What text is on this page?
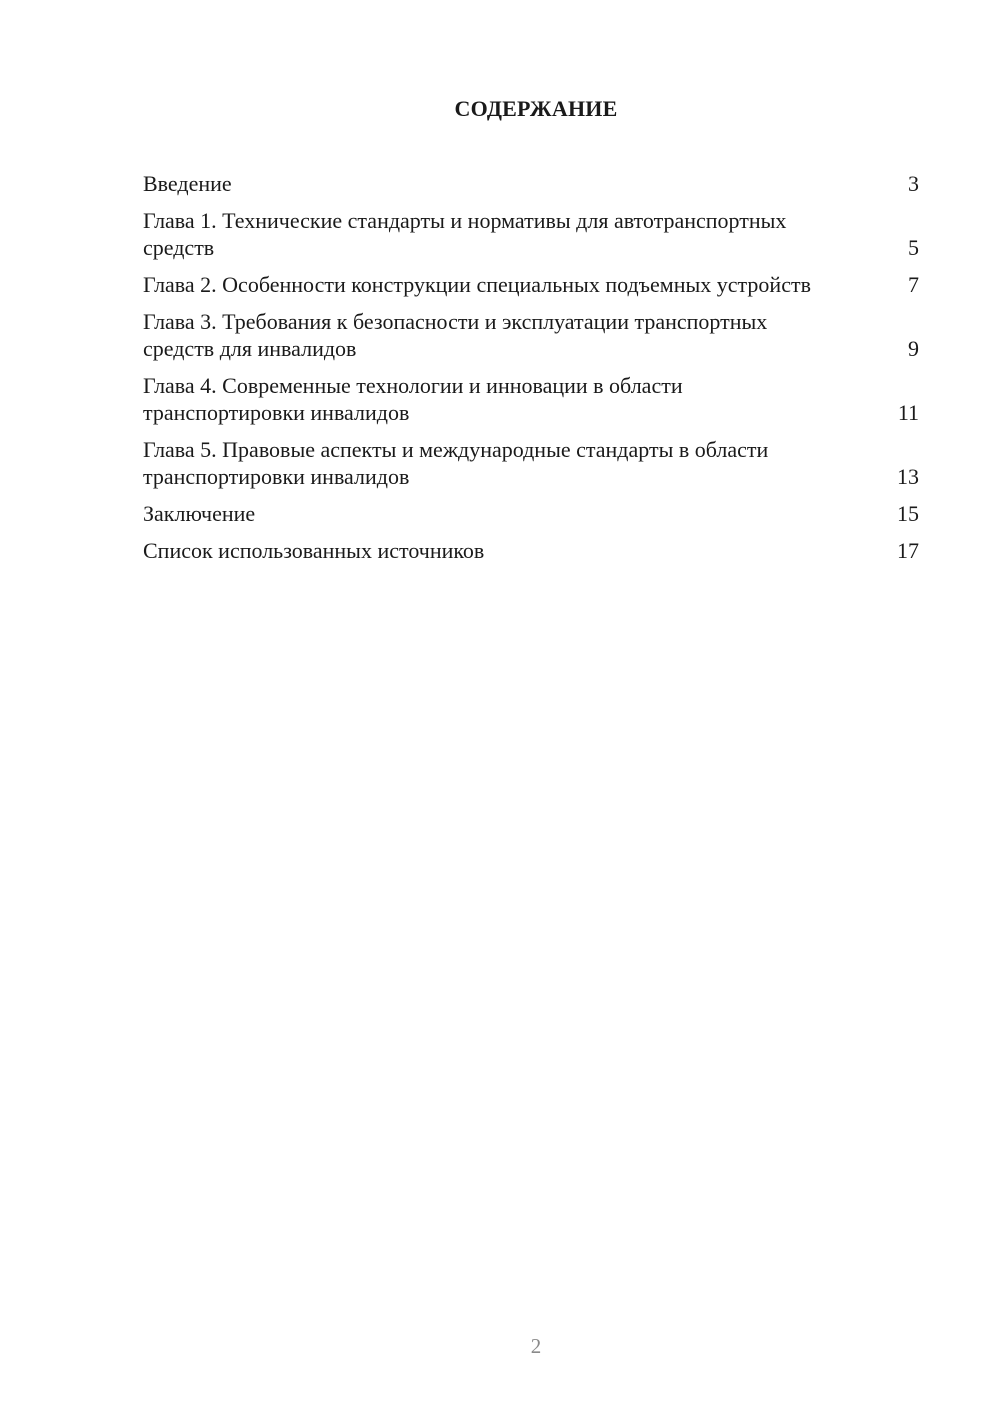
СОДЕРЖАНИЕ
Введение	3
Глава 1. Технические стандарты и нормативы для автотранспортных средств	5
Глава 2. Особенности конструкции специальных подъемных устройств	7
Глава 3. Требования к безопасности и эксплуатации транспортных средств для инвалидов	9
Глава 4. Современные технологии и инновации в области транспортировки инвалидов	11
Глава 5. Правовые аспекты и международные стандарты в области транспортировки инвалидов	13
Заключение	15
Список использованных источников	17
2
